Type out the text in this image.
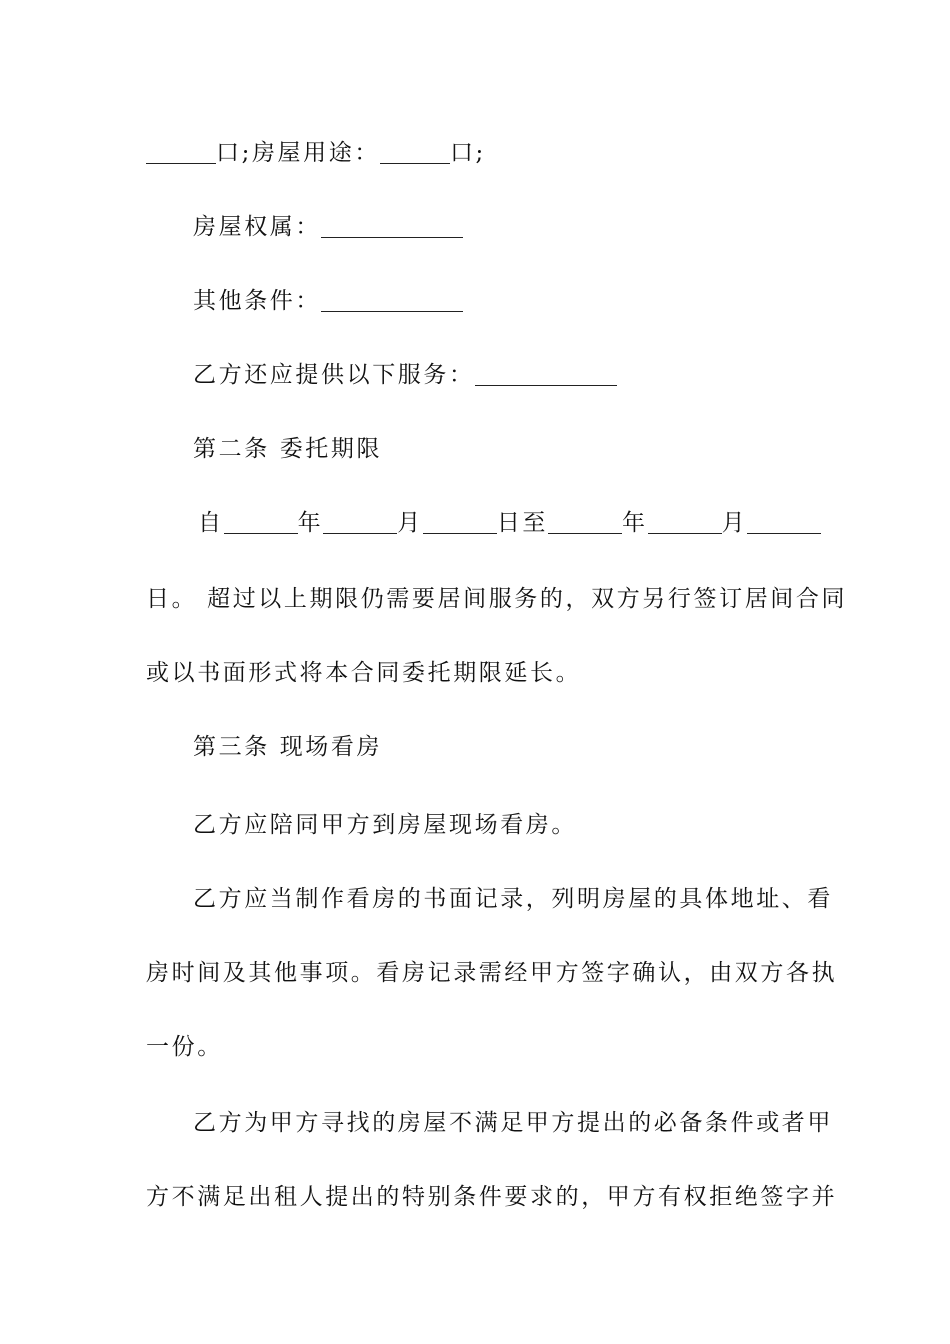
口;房屋用途：	口;
房屋权属：
其他条件：
乙方还应提供以下服务：
第二条 委托期限
自	年	月	日至	年	月
日。 超过以上期限仍需要居间服务的，双方另行签订居间合同
或以书面形式将本合同委托期限延长。
第三条 现场看房
乙方应陪同甲方到房屋现场看房。
乙方应当制作看房的书面记录，列明房屋的具体地址、看
房时间及其他事项。看房记录需经甲方签字确认，由双方各执
一份。
乙方为甲方寻找的房屋不满足甲方提出的必备条件或者甲
方不满足出租人提出的特别条件要求的，甲方有权拒绝签字并
